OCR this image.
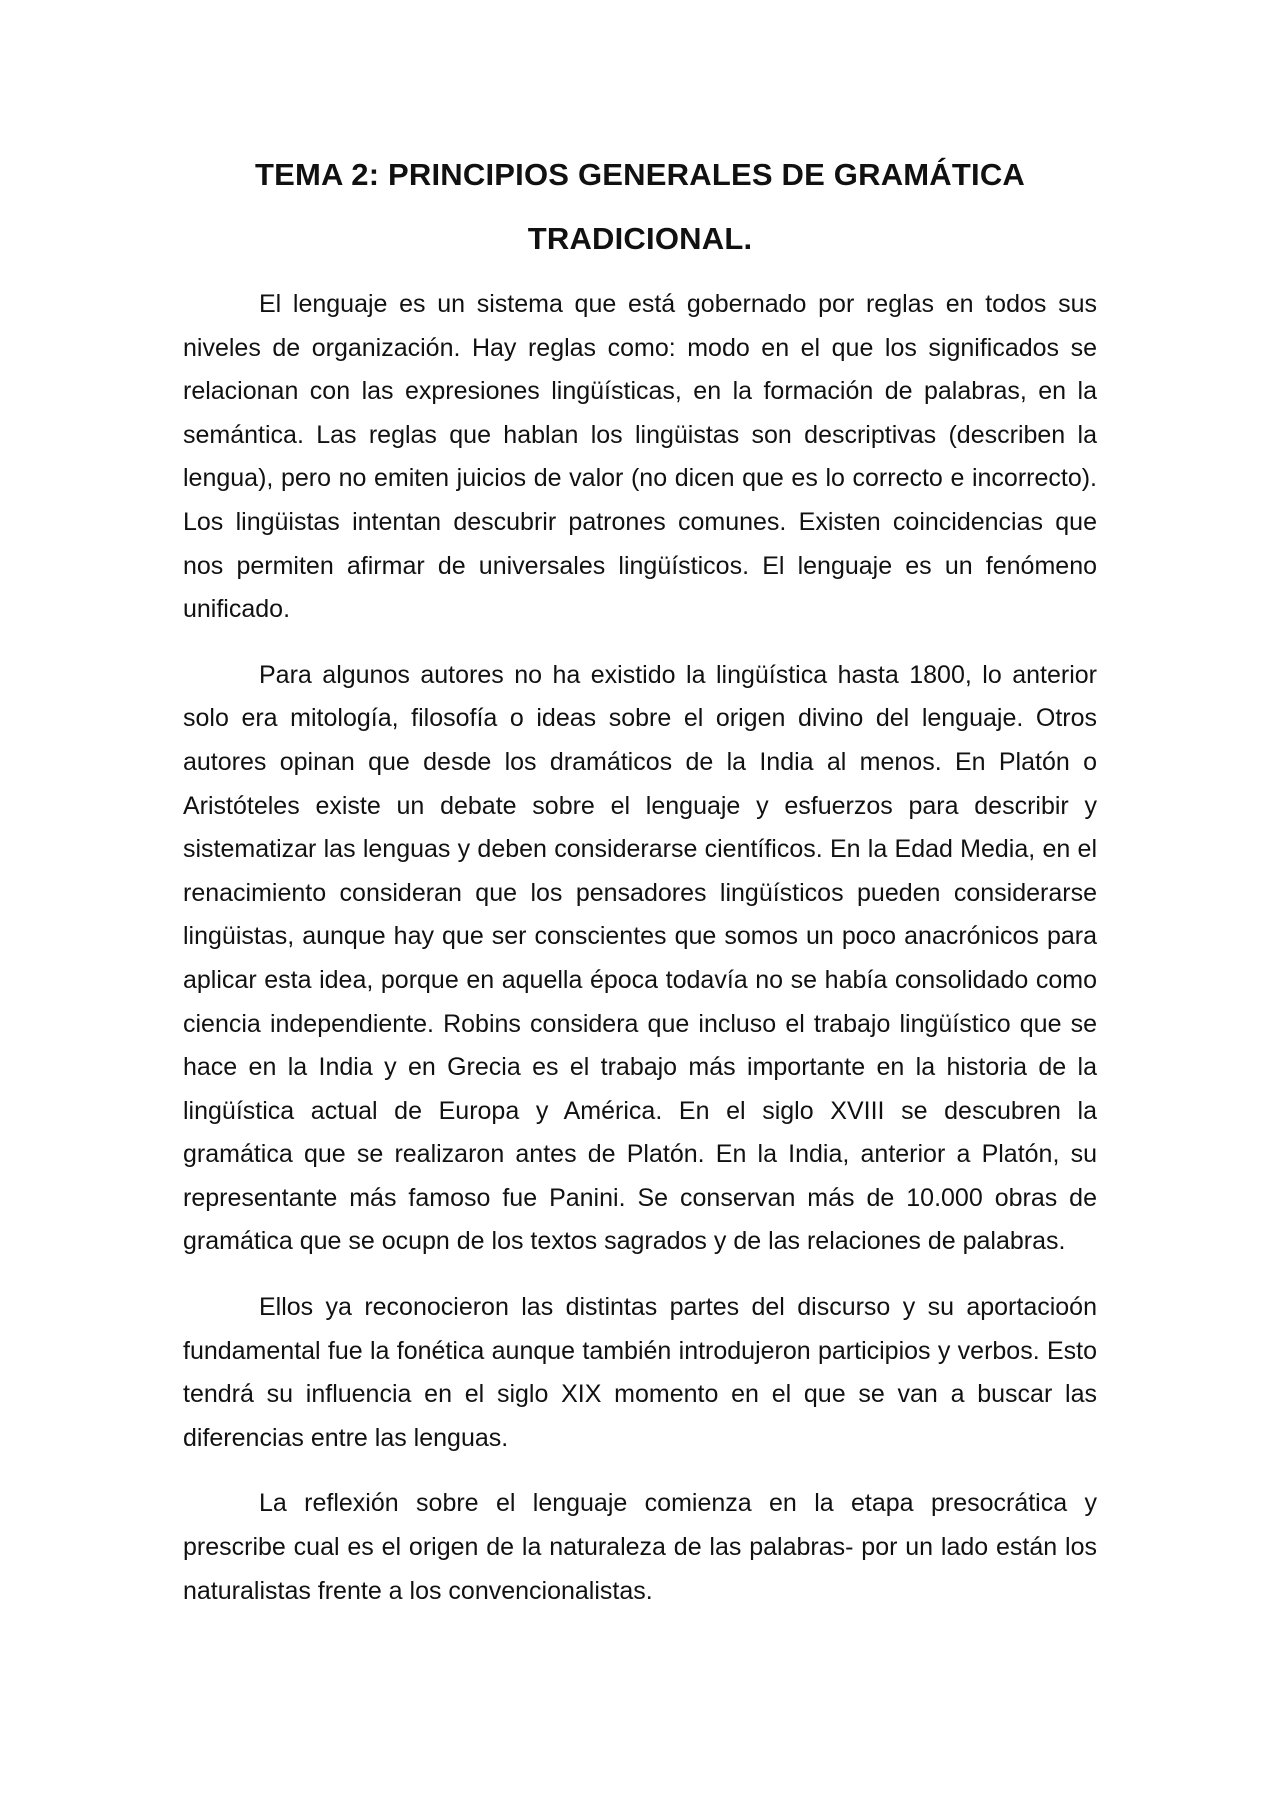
TEMA 2: PRINCIPIOS GENERALES DE GRAMÁTICA
TRADICIONAL.

El lenguaje es un sistema que está gobernado por reglas en todos sus niveles de organización. Hay reglas como: modo en el que los significados se relacionan con las expresiones lingüísticas, en la formación de palabras, en la semántica. Las reglas que hablan los lingüistas son descriptivas (describen la lengua), pero no emiten juicios de valor (no dicen que es lo correcto e incorrecto). Los lingüistas intentan descubrir patrones comunes. Existen coincidencias que nos permiten afirmar de universales lingüísticos. El lenguaje es un fenómeno unificado.

Para algunos autores no ha existido la lingüística hasta 1800, lo anterior solo era mitología, filosofía o ideas sobre el origen divino del lenguaje. Otros autores opinan que desde los dramáticos de la India al menos. En Platón o Aristóteles existe un debate sobre el lenguaje y esfuerzos para describir y sistematizar las lenguas y deben considerarse científicos. En la Edad Media, en el renacimiento consideran que los pensadores lingüísticos pueden considerarse lingüistas, aunque hay que ser conscientes que somos un poco anacrónicos para aplicar esta idea, porque en aquella época todavía no se había consolidado como ciencia independiente. Robins considera que incluso el trabajo lingüístico que se hace en la India y en Grecia es el trabajo más importante en la historia de la lingüística actual de Europa y América. En el siglo XVIII se descubren la gramática que se realizaron antes de Platón. En la India, anterior a Platón, su representante más famoso fue Panini. Se conservan más de 10.000 obras de gramática que se ocupn de los textos sagrados y de las relaciones de palabras.

Ellos ya reconocieron las distintas partes del discurso y su aportacioón fundamental fue la fonética aunque también introdujeron participios y verbos. Esto tendrá su influencia en el siglo XIX momento en el que se van a buscar las diferencias entre las lenguas.

La reflexión sobre el lenguaje comienza en la etapa presocrática y prescribe cual es el origen de la naturaleza de las palabras- por un lado están los naturalistas frente a los convencionalistas.
